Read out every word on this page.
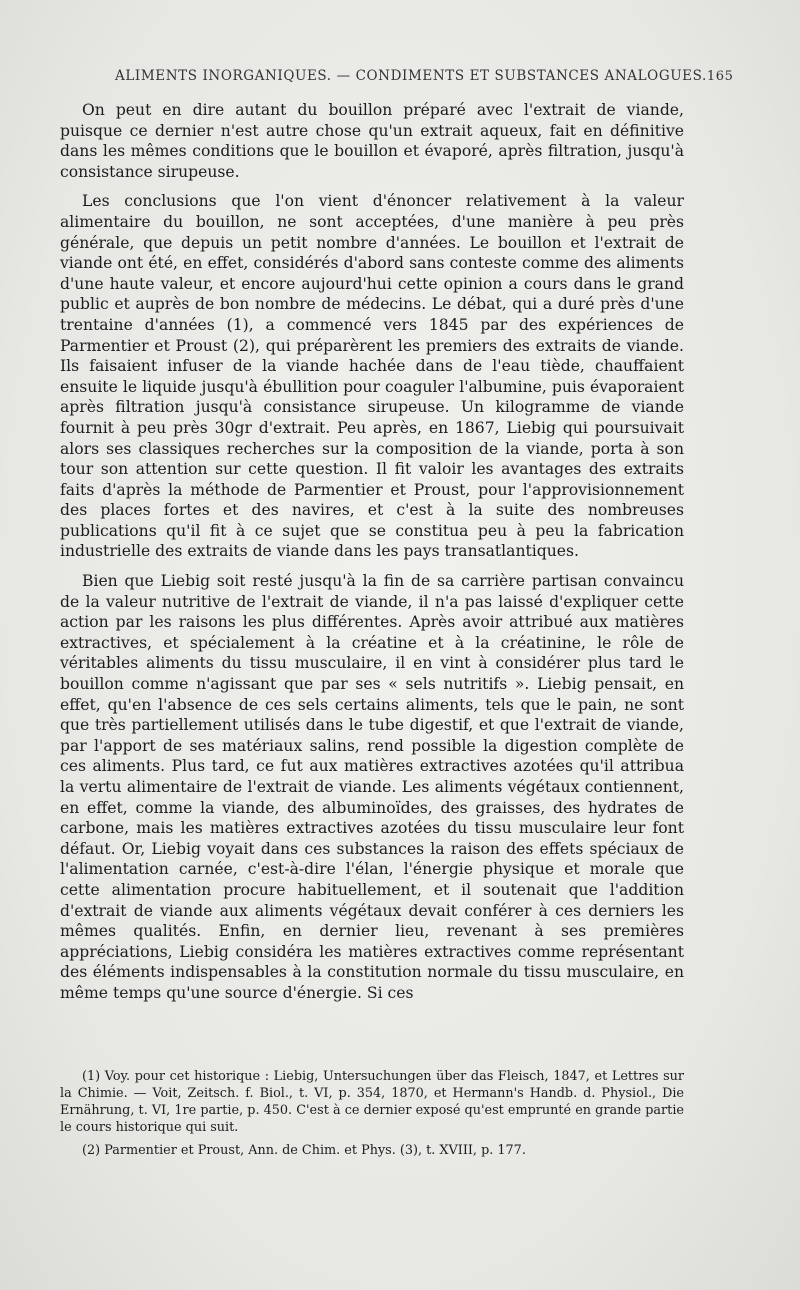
ALIMENTS INORGANIQUES. — CONDIMENTS ET SUBSTANCES ANALOGUES. 165

On peut en dire autant du bouillon préparé avec l'extrait de viande, puisque ce dernier n'est autre chose qu'un extrait aqueux, fait en définitive dans les mêmes conditions que le bouillon et évaporé, après filtration, jusqu'à consistance sirupeuse.

Les conclusions que l'on vient d'énoncer relativement à la valeur alimentaire du bouillon, ne sont acceptées, d'une manière à peu près générale, que depuis un petit nombre d'années. Le bouillon et l'extrait de viande ont été, en effet, considérés d'abord sans conteste comme des aliments d'une haute valeur, et encore aujourd'hui cette opinion a cours dans le grand public et auprès de bon nombre de médecins. Le débat, qui a duré près d'une trentaine d'années (1), a commencé vers 1845 par des expériences de Parmentier et Proust (2), qui préparèrent les premiers des extraits de viande. Ils faisaient infuser de la viande hachée dans de l'eau tiède, chauffaient ensuite le liquide jusqu'à ébullition pour coaguler l'albumine, puis évaporaient après filtration jusqu'à consistance sirupeuse. Un kilogramme de viande fournit à peu près 30gr d'extrait. Peu après, en 1867, Liebig qui poursuivait alors ses classiques recherches sur la composition de la viande, porta à son tour son attention sur cette question. Il fit valoir les avantages des extraits faits d'après la méthode de Parmentier et Proust, pour l'approvisionnement des places fortes et des navires, et c'est à la suite des nombreuses publications qu'il fit à ce sujet que se constitua peu à peu la fabrication industrielle des extraits de viande dans les pays transatlantiques.

Bien que Liebig soit resté jusqu'à la fin de sa carrière partisan convaincu de la valeur nutritive de l'extrait de viande, il n'a pas laissé d'expliquer cette action par les raisons les plus différentes. Après avoir attribué aux matières extractives, et spécialement à la créatine et à la créatinine, le rôle de véritables aliments du tissu musculaire, il en vint à considérer plus tard le bouillon comme n'agissant que par ses « sels nutritifs ». Liebig pensait, en effet, qu'en l'absence de ces sels certains aliments, tels que le pain, ne sont que très partiellement utilisés dans le tube digestif, et que l'extrait de viande, par l'apport de ses matériaux salins, rend possible la digestion complète de ces aliments. Plus tard, ce fut aux matières extractives azotées qu'il attribua la vertu alimentaire de l'extrait de viande. Les aliments végétaux contiennent, en effet, comme la viande, des albuminoïdes, des graisses, des hydrates de carbone, mais les matières extractives azotées du tissu musculaire leur font défaut. Or, Liebig voyait dans ces substances la raison des effets spéciaux de l'alimentation carnée, c'est-à-dire l'élan, l'énergie physique et morale que cette alimentation procure habituellement, et il soutenait que l'addition d'extrait de viande aux aliments végétaux devait conférer à ces derniers les mêmes qualités. Enfin, en dernier lieu, revenant à ses premières appréciations, Liebig considéra les matières extractives comme représentant des éléments indispensables à la constitution normale du tissu musculaire, en même temps qu'une source d'énergie. Si ces

(1) Voy. pour cet historique : Liebig, Untersuchungen über das Fleisch, 1847, et Lettres sur la Chimie. — Voit, Zeitsch. f. Biol., t. VI, p. 354, 1870, et Hermann's Handb. d. Physiol., Die Ernährung, t. VI, 1re partie, p. 450. C'est à ce dernier exposé qu'est emprunté en grande partie le cours historique qui suit.

(2) Parmentier et Proust, Ann. de Chim. et Phys. (3), t. XVIII, p. 177.
